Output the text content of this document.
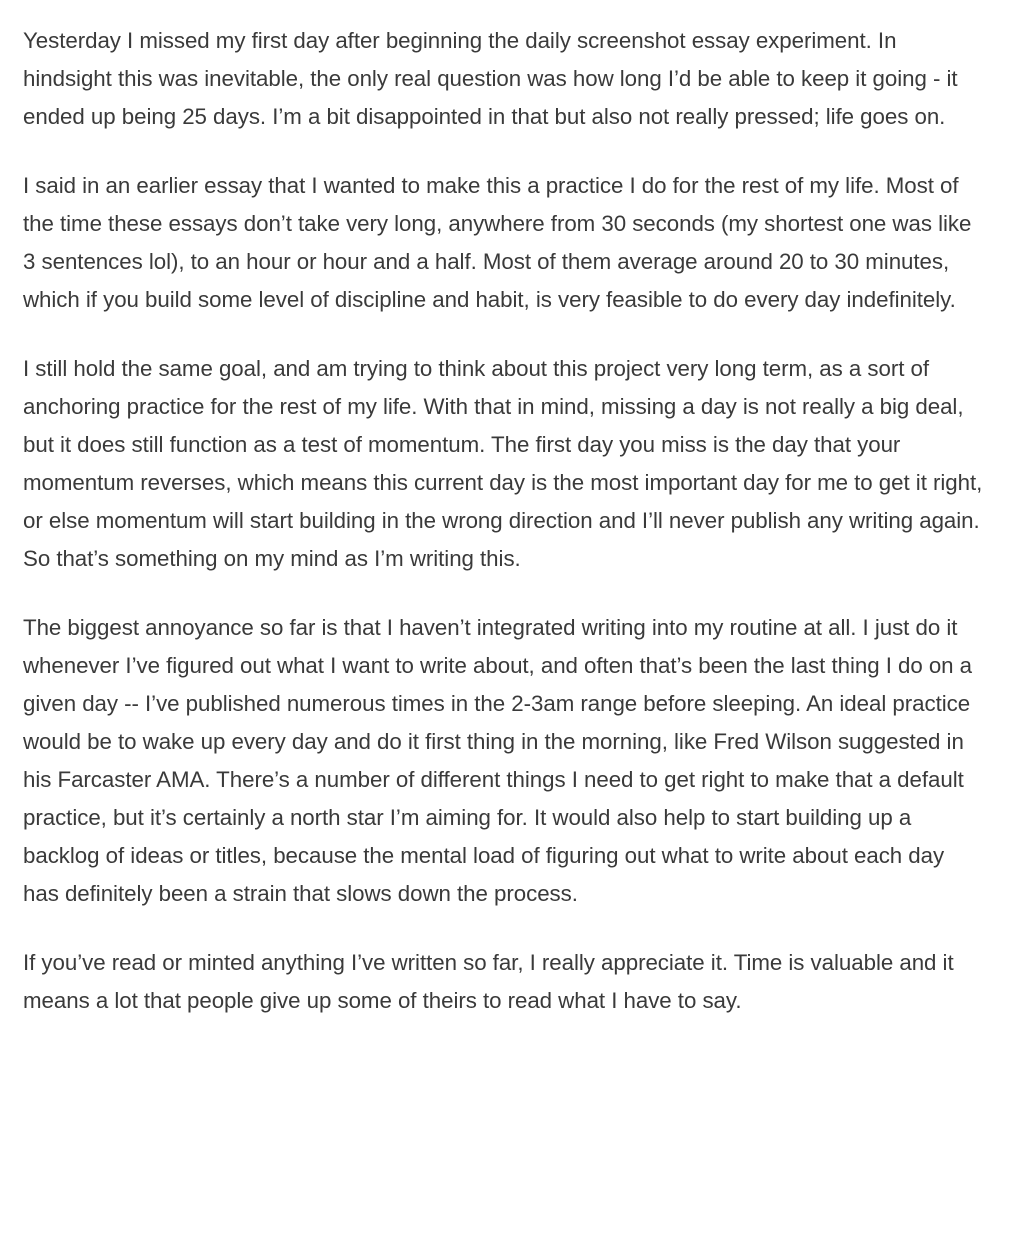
Yesterday I missed my first day after beginning the daily screenshot essay experiment. In hindsight this was inevitable, the only real question was how long I’d be able to keep it going - it ended up being 25 days. I’m a bit disappointed in that but also not really pressed; life goes on.

I said in an earlier essay that I wanted to make this a practice I do for the rest of my life. Most of the time these essays don’t take very long, anywhere from 30 seconds (my shortest one was like 3 sentences lol), to an hour or hour and a half. Most of them average around 20 to 30 minutes, which if you build some level of discipline and habit, is very feasible to do every day indefinitely.

I still hold the same goal, and am trying to think about this project very long term, as a sort of anchoring practice for the rest of my life. With that in mind, missing a day is not really a big deal, but it does still function as a test of momentum. The first day you miss is the day that your momentum reverses, which means this current day is the most important day for me to get it right, or else momentum will start building in the wrong direction and I’ll never publish any writing again. So that’s something on my mind as I’m writing this.

The biggest annoyance so far is that I haven’t integrated writing into my routine at all. I just do it whenever I’ve figured out what I want to write about, and often that’s been the last thing I do on a given day -- I’ve published numerous times in the 2-3am range before sleeping. An ideal practice would be to wake up every day and do it first thing in the morning, like Fred Wilson suggested in his Farcaster AMA. There’s a number of different things I need to get right to make that a default practice, but it’s certainly a north star I’m aiming for. It would also help to start building up a backlog of ideas or titles, because the mental load of figuring out what to write about each day has definitely been a strain that slows down the process.

If you’ve read or minted anything I’ve written so far, I really appreciate it. Time is valuable and it means a lot that people give up some of theirs to read what I have to say.
